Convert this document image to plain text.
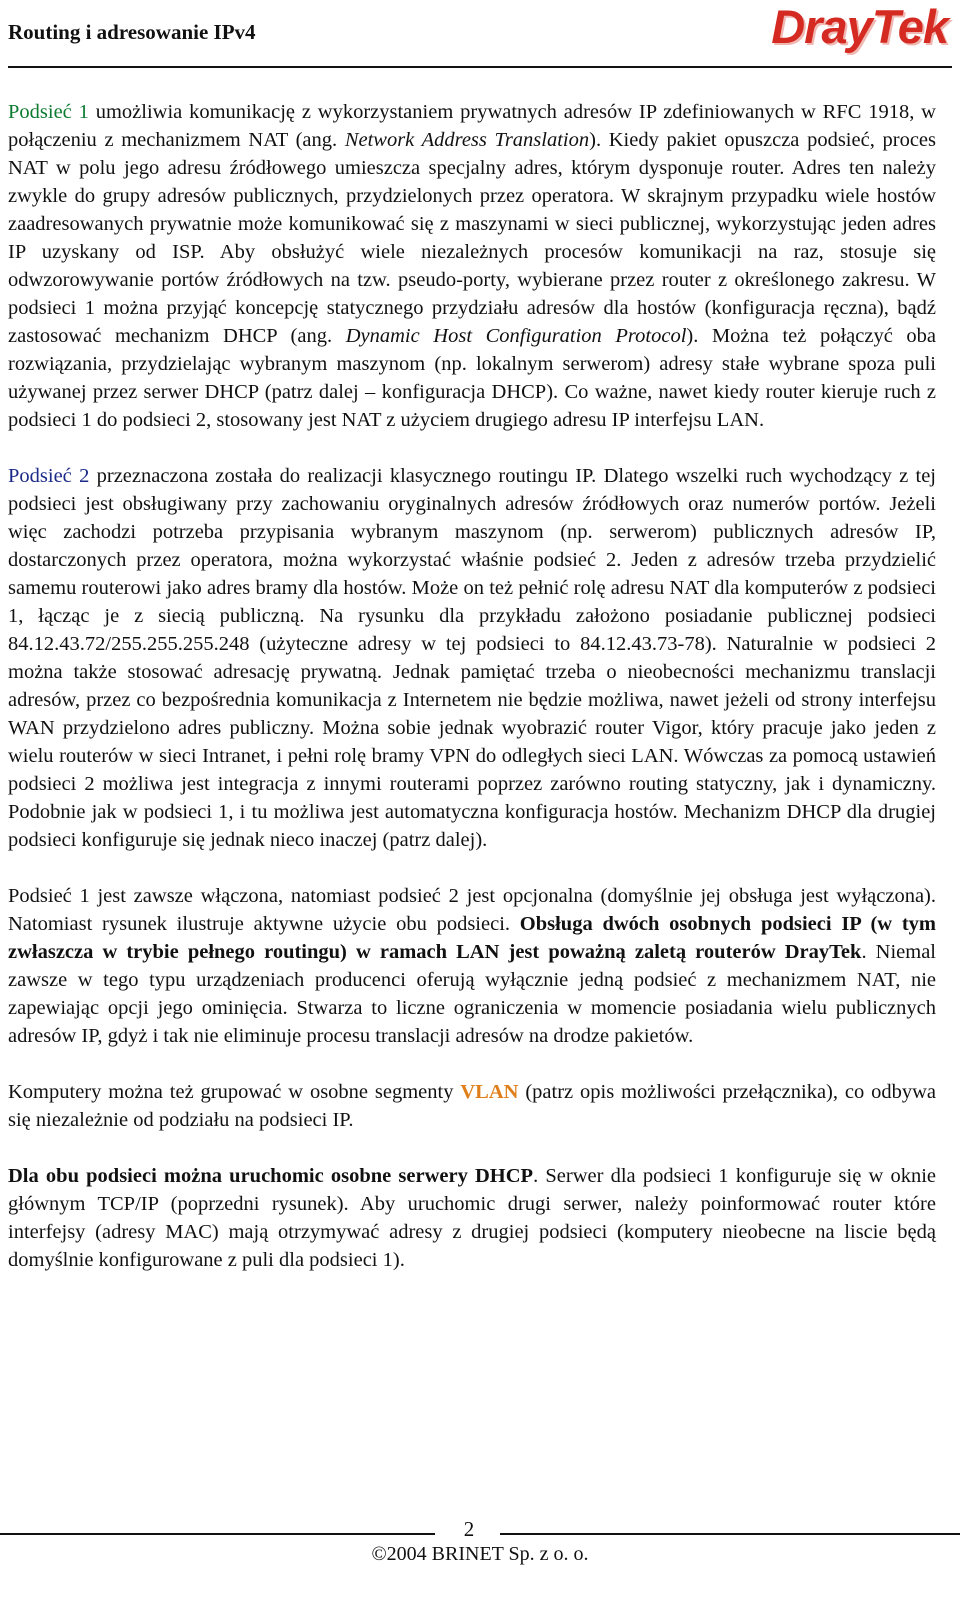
Routing i adresowanie IPv4	DrayTek

Podsieć 1 umożliwia komunikację z wykorzystaniem prywatnych adresów IP zdefiniowanych w RFC 1918, w połączeniu z mechanizmem NAT (ang. Network Address Translation). Kiedy pakiet opuszcza podsieć, proces NAT w polu jego adresu źródłowego umieszcza specjalny adres, którym dysponuje router. Adres ten należy zwykle do grupy adresów publicznych, przydzielonych przez operatora. W skrajnym przypadku wiele hostów zaadresowanych prywatnie może komunikować się z maszynami w sieci publicznej, wykorzystując jeden adres IP uzyskany od ISP. Aby obsłużyć wiele niezależnych procesów komunikacji na raz, stosuje się odwzorowywanie portów źródłowych na tzw. pseudo-porty, wybierane przez router z określonego zakresu. W podsieci 1 można przyjąć koncepcję statycznego przydziału adresów dla hostów (konfiguracja ręczna), bądź zastosować mechanizm DHCP (ang. Dynamic Host Configuration Protocol). Można też połączyć oba rozwiązania, przydzielając wybranym maszynom (np. lokalnym serwerom) adresy stałe wybrane spoza puli używanej przez serwer DHCP (patrz dalej – konfiguracja DHCP). Co ważne, nawet kiedy router kieruje ruch z podsieci 1 do podsieci 2, stosowany jest NAT z użyciem drugiego adresu IP interfejsu LAN.

Podsieć 2 przeznaczona została do realizacji klasycznego routingu IP. Dlatego wszelki ruch wychodzący z tej podsieci jest obsługiwany przy zachowaniu oryginalnych adresów źródłowych oraz numerów portów. Jeżeli więc zachodzi potrzeba przypisania wybranym maszynom (np. serwerom) publicznych adresów IP, dostarczonych przez operatora, można wykorzystać właśnie podsieć 2. Jeden z adresów trzeba przydzielić samemu routerowi jako adres bramy dla hostów. Może on też pełnić rolę adresu NAT dla komputerów z podsieci 1, łącząc je z siecią publiczną. Na rysunku dla przykładu założono posiadanie publicznej podsieci 84.12.43.72/255.255.255.248 (użyteczne adresy w tej podsieci to 84.12.43.73-78). Naturalnie w podsieci 2 można także stosować adresację prywatną. Jednak pamiętać trzeba o nieobecności mechanizmu translacji adresów, przez co bezpośrednia komunikacja z Internetem nie będzie możliwa, nawet jeżeli od strony interfejsu WAN przydzielono adres publiczny. Można sobie jednak wyobrazić router Vigor, który pracuje jako jeden z wielu routerów w sieci Intranet, i pełni rolę bramy VPN do odległych sieci LAN. Wówczas za pomocą ustawień podsieci 2 możliwa jest integracja z innymi routerami poprzez zarówno routing statyczny, jak i dynamiczny. Podobnie jak w podsieci 1, i tu możliwa jest automatyczna konfiguracja hostów. Mechanizm DHCP dla drugiej podsieci konfiguruje się jednak nieco inaczej (patrz dalej).

Podsieć 1 jest zawsze włączona, natomiast podsieć 2 jest opcjonalna (domyślnie jej obsługa jest wyłączona). Natomiast rysunek ilustruje aktywne użycie obu podsieci. Obsługa dwóch osobnych podsieci IP (w tym zwłaszcza w trybie pełnego routingu) w ramach LAN jest poważną zaletą routerów DrayTek. Niemal zawsze w tego typu urządzeniach producenci oferują wyłącznie jedną podsieć z mechanizmem NAT, nie zapewiając opcji jego ominięcia. Stwarza to liczne ograniczenia w momencie posiadania wielu publicznych adresów IP, gdyż i tak nie eliminuje procesu translacji adresów na drodze pakietów.

Komputery można też grupować w osobne segmenty VLAN (patrz opis możliwości przełącznika), co odbywa się niezależnie od podziału na podsieci IP.

Dla obu podsieci można uruchomic osobne serwery DHCP. Serwer dla podsieci 1 konfiguruje się w oknie głównym TCP/IP (poprzedni rysunek). Aby uruchomic drugi serwer, należy poinformować router które interfejsy (adresy MAC) mają otrzymywać adresy z drugiej podsieci (komputery nieobecne na liscie będą domyślnie konfigurowane z puli dla podsieci 1).

2
©2004 BRINET Sp. z o. o.
